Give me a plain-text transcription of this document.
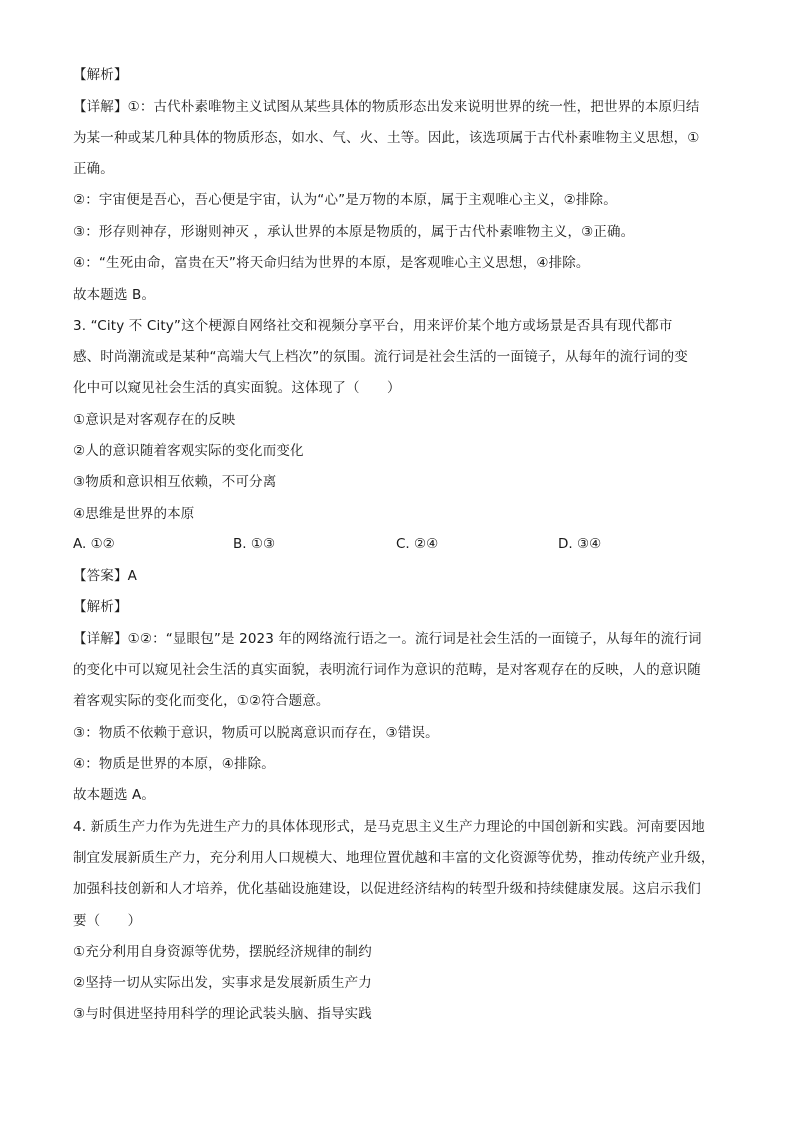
【解析】
【详解】①：古代朴素唯物主义试图从某些具体的物质形态出发来说明世界的统一性，把世界的本原归结
为某一种或某几种具体的物质形态，如水、气、火、土等。因此，该选项属于古代朴素唯物主义思想，①
正确。
②：宇宙便是吾心，吾心便是宇宙，认为“心”是万物的本原，属于主观唯心主义，②排除。
③：形存则神存，形谢则神灭 ，承认世界的本原是物质的，属于古代朴素唯物主义，③正确。
④：“生死由命，富贵在天”将天命归结为世界的本原，是客观唯心主义思想，④排除。
故本题选 B。
3. “City 不 City”这个梗源自网络社交和视频分享平台，用来评价某个地方或场景是否具有现代都市
感、时尚潮流或是某种“高端大气上档次”的氛围。流行词是社会生活的一面镜子，从每年的流行词的变
化中可以窥见社会生活的真实面貌。这体现了（　　）
①意识是对客观存在的反映
②人的意识随着客观实际的变化而变化
③物质和意识相互依赖，不可分离
④思维是世界的本原
A. ①②	B. ①③	C. ②④	D. ③④
【答案】A
【解析】
【详解】①②：“显眼包”是 2023 年的网络流行语之一。流行词是社会生活的一面镜子，从每年的流行词
的变化中可以窥见社会生活的真实面貌，表明流行词作为意识的范畴，是对客观存在的反映，人的意识随
着客观实际的变化而变化，①②符合题意。
③：物质不依赖于意识，物质可以脱离意识而存在，③错误。
④：物质是世界的本原，④排除。
故本题选 A。
4. 新质生产力作为先进生产力的具体体现形式，是马克思主义生产力理论的中国创新和实践。河南要因地
制宜发展新质生产力，充分利用人口规模大、地理位置优越和丰富的文化资源等优势，推动传统产业升级，
加强科技创新和人才培养，优化基础设施建设，以促进经济结构的转型升级和持续健康发展。这启示我们
要（　　）
①充分利用自身资源等优势，摆脱经济规律的制约
②坚持一切从实际出发，实事求是发展新质生产力
③与时俱进坚持用科学的理论武装头脑、指导实践
